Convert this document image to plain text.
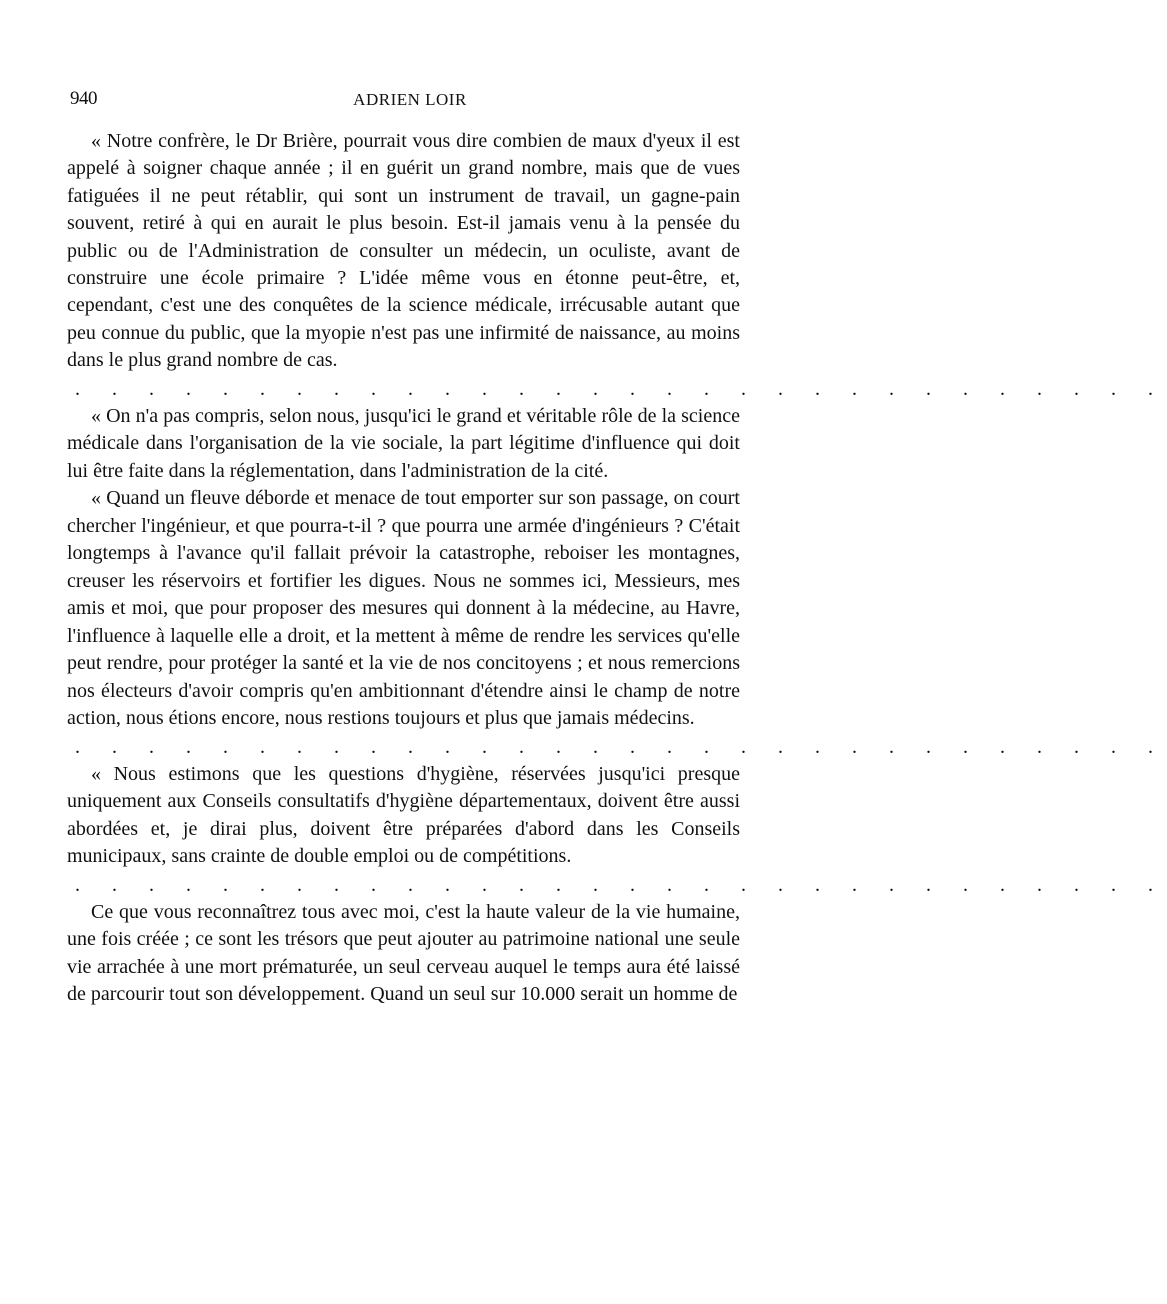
940	ADRIEN LOIR

« Notre confrère, le Dr Brière, pourrait vous dire combien de maux d'yeux il est appelé à soigner chaque année ; il en guérit un grand nombre, mais que de vues fatiguées il ne peut rétablir, qui sont un instrument de travail, un gagne-pain souvent, retiré à qui en aurait le plus besoin. Est-il jamais venu à la pensée du public ou de l'Administration de consulter un médecin, un oculiste, avant de construire une école primaire ? L'idée même vous en étonne peut-être, et, cependant, c'est une des conquêtes de la science médicale, irrécusable autant que peu connue du public, que la myopie n'est pas une infirmité de naissance, au moins dans le plus grand nombre de cas.

. . . . . . . . . . . . . . . . . . . . . . . . . . . . . .

« On n'a pas compris, selon nous, jusqu'ici le grand et véritable rôle de la science médicale dans l'organisation de la vie sociale, la part légitime d'influence qui doit lui être faite dans la réglementation, dans l'administration de la cité.

« Quand un fleuve déborde et menace de tout emporter sur son passage, on court chercher l'ingénieur, et que pourra-t-il ? que pourra une armée d'ingénieurs ? C'était longtemps à l'avance qu'il fallait prévoir la catastrophe, reboiser les montagnes, creuser les réservoirs et fortifier les digues. Nous ne sommes ici, Messieurs, mes amis et moi, que pour proposer des mesures qui donnent à la médecine, au Havre, l'influence à laquelle elle a droit, et la mettent à même de rendre les services qu'elle peut rendre, pour protéger la santé et la vie de nos concitoyens ; et nous remercions nos électeurs d'avoir compris qu'en ambitionnant d'étendre ainsi le champ de notre action, nous étions encore, nous restions toujours et plus que jamais médecins.

. . . . . . . . . . . . . . . . . . . . . . . . . . . . . .

« Nous estimons que les questions d'hygiène, réservées jusqu'ici presque uniquement aux Conseils consultatifs d'hygiène départementaux, doivent être aussi abordées et, je dirai plus, doivent être préparées d'abord dans les Conseils municipaux, sans crainte de double emploi ou de compétitions.

. . . . . . . . . . . . . . . . . . . . . . . . . . . . . .

Ce que vous reconnaîtrez tous avec moi, c'est la haute valeur de la vie humaine, une fois créée ; ce sont les trésors que peut ajouter au patrimoine national une seule vie arrachée à une mort prématurée, un seul cerveau auquel le temps aura été laissé de parcourir tout son développement. Quand un seul sur 10.000 serait un homme de
